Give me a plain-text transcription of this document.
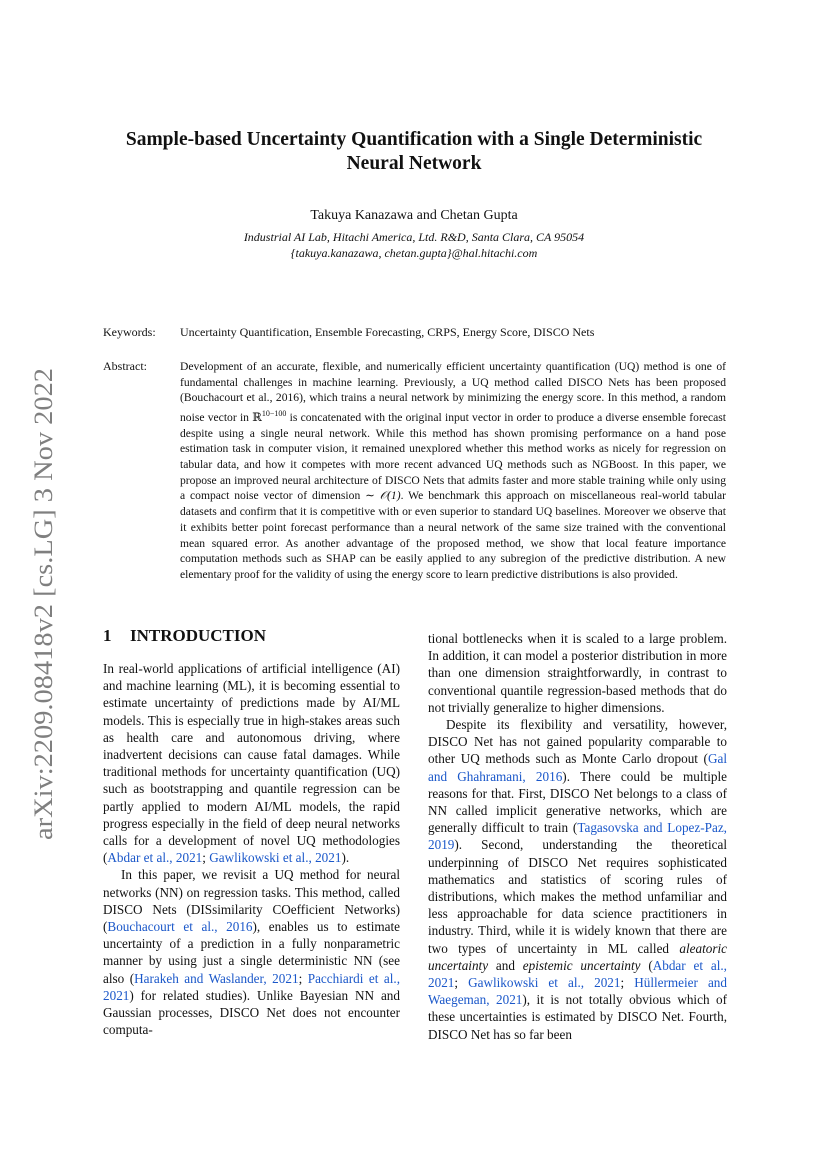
arXiv:2209.08418v2 [cs.LG] 3 Nov 2022
Sample-based Uncertainty Quantification with a Single Deterministic
Neural Network
Takuya Kanazawa and Chetan Gupta
Industrial AI Lab, Hitachi America, Ltd. R&D, Santa Clara, CA 95054
{takuya.kanazawa, chetan.gupta}@hal.hitachi.com
Keywords: Uncertainty Quantification, Ensemble Forecasting, CRPS, Energy Score, DISCO Nets
Abstract:	Development of an accurate, flexible, and numerically efficient uncertainty quantification (UQ) method is one of fundamental challenges in machine learning. Previously, a UQ method called DISCO Nets has been proposed (Bouchacourt et al., 2016), which trains a neural network by minimizing the energy score. In this method, a random noise vector in ℝ$^{10-100}$ is concatenated with the original input vector in order to produce a diverse ensemble forecast despite using a single neural network. While this method has shown promising performance on a hand pose estimation task in computer vision, it remained unexplored whether this method works as nicely for regression on tabular data, and how it competes with more recent advanced UQ methods such as NGBoost. In this paper, we propose an improved neural architecture of DISCO Nets that admits faster and more stable training while only using a compact noise vector of dimension ∼ 𝒪(1). We benchmark this approach on miscellaneous real-world tabular datasets and confirm that it is competitive with or even superior to standard UQ baselines. Moreover we observe that it exhibits better point forecast performance than a neural network of the same size trained with the conventional mean squared error. As another advantage of the proposed method, we show that local feature importance computation methods such as SHAP can be easily applied to any subregion of the predictive distribution. A new elementary proof for the validity of using the energy score to learn predictive distributions is also provided.
1 INTRODUCTION

In real-world applications of artificial intelligence (AI) and machine learning (ML), it is becoming essential to estimate uncertainty of predictions made by AI/ML models. This is especially true in high-stakes areas such as health care and autonomous driving, where inadvertent decisions can cause fatal damages. While traditional methods for uncertainty quantification (UQ) such as bootstrapping and quantile regression can be partly applied to modern AI/ML models, the rapid progress especially in the field of deep neural networks calls for a development of novel UQ methodologies (Abdar et al., 2021; Gawlikowski et al., 2021).

In this paper, we revisit a UQ method for neural networks (NN) on regression tasks. This method, called DISCO Nets (DISsimilarity COefficient Networks) (Bouchacourt et al., 2016), enables us to estimate uncertainty of a prediction in a fully nonparametric manner by using just a single deterministic NN (see also (Harakeh and Waslander, 2021; Pacchiardi et al., 2021) for related studies). Unlike Bayesian NN and Gaussian processes, DISCO Net does not encounter computa-

tional bottlenecks when it is scaled to a large problem. In addition, it can model a posterior distribution in more than one dimension straightforwardly, in contrast to conventional quantile regression-based methods that do not trivially generalize to higher dimensions.

Despite its flexibility and versatility, however, DISCO Net has not gained popularity comparable to other UQ methods such as Monte Carlo dropout (Gal and Ghahramani, 2016). There could be multiple reasons for that. First, DISCO Net belongs to a class of NN called implicit generative networks, which are generally difficult to train (Tagasovska and Lopez-Paz, 2019). Second, understanding the theoretical underpinning of DISCO Net requires sophisticated mathematics and statistics of scoring rules of distributions, which makes the method unfamiliar and less approachable for data science practitioners in industry. Third, while it is widely known that there are two types of uncertainty in ML called aleatoric uncertainty and epistemic uncertainty (Abdar et al., 2021; Gawlikowski et al., 2021; Hüllermeier and Waegeman, 2021), it is not totally obvious which of these uncertainties is estimated by DISCO Net. Fourth, DISCO Net has so far been
